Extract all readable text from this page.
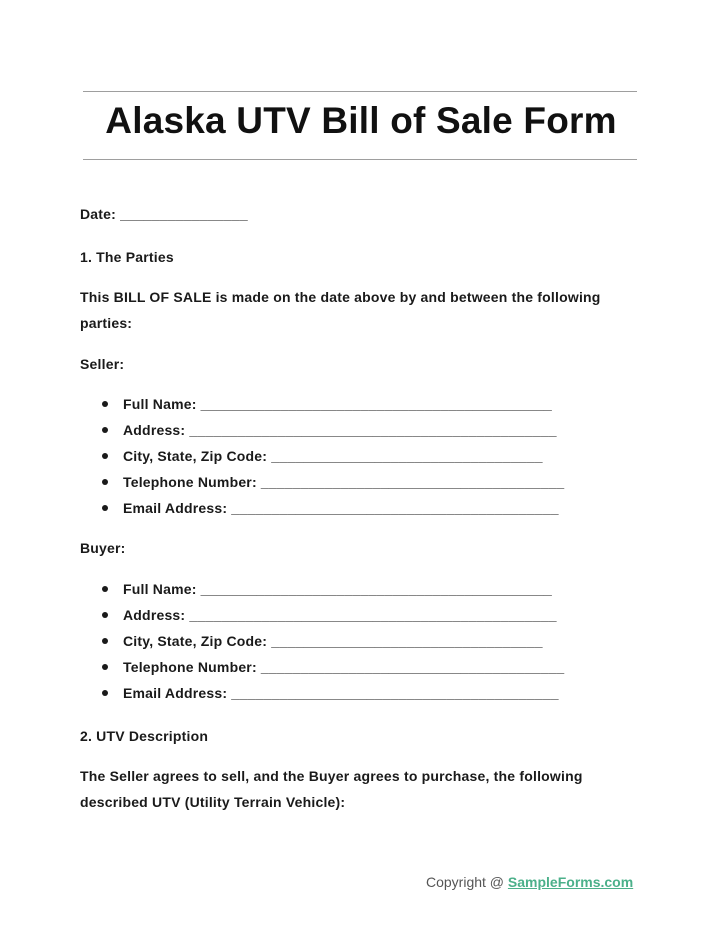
Alaska UTV Bill of Sale Form
Date: ________________
1. The Parties
This BILL OF SALE is made on the date above by and between the following
parties:
Seller:
Full Name: ____________________________________________
Address: ______________________________________________
City, State, Zip Code: __________________________________
Telephone Number: ______________________________________
Email Address: _________________________________________
Buyer:
Full Name: ____________________________________________
Address: ______________________________________________
City, State, Zip Code: __________________________________
Telephone Number: ______________________________________
Email Address: _________________________________________
2. UTV Description
The Seller agrees to sell, and the Buyer agrees to purchase, the following
described UTV (Utility Terrain Vehicle):
Copyright @ SampleForms.com
